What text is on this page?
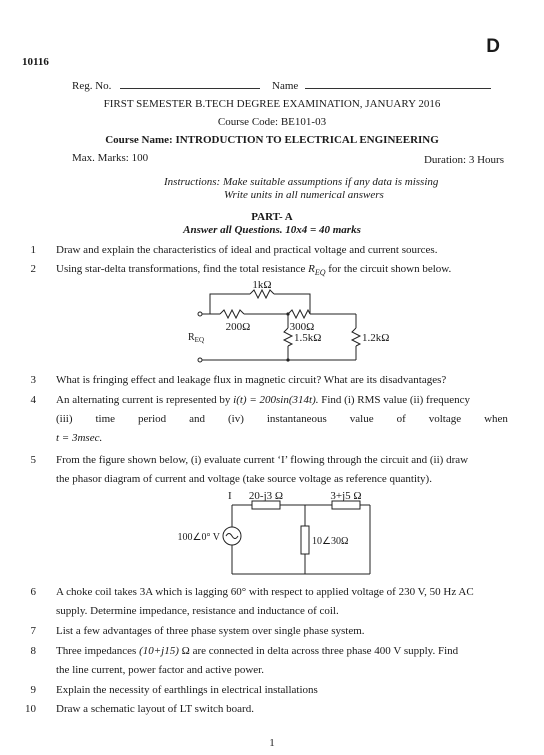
10116
D
Reg. No.	Name
FIRST SEMESTER B.TECH DEGREE EXAMINATION, JANUARY 2016
Course Code: BE101-03
Course Name: INTRODUCTION TO ELECTRICAL ENGINEERING
Max. Marks: 100	Duration: 3 Hours
Instructions: Make suitable assumptions if any data is missing
Write units in all numerical answers
PART- A
Answer all Questions. 10x4 = 40 marks
1 Draw and explain the characteristics of ideal and practical voltage and current sources.
2 Using star-delta transformations, find the total resistance $R_{EQ}$ for the circuit shown below.
1kΩ
200Ω	300Ω
1.5kΩ	1.2kΩ
$R_{EQ}$
3 What is fringing effect and leakage flux in magnetic circuit? What are its disadvantages?
4 An alternating current is represented by i(t) = 200sin(314t). Find (i) RMS value (ii) frequency
(iii) time period and (iv) instantaneous value of voltage when
t = 3msec.
5 From the figure shown below, (i) evaluate current ‘I’ flowing through the circuit and (ii) draw
the phasor diagram of current and voltage (take source voltage as reference quantity).
I 20-j3 Ω	3+j5 Ω
100∠0° V	10∠30Ω
6 A choke coil takes 3A which is lagging 60° with respect to applied voltage of 230 V, 50 Hz AC
supply. Determine impedance, resistance and inductance of coil.
7 List a few advantages of three phase system over single phase system.
8 Three impedances (10+j15) Ω are connected in delta across three phase 400 V supply. Find
the line current, power factor and active power.
9 Explain the necessity of earthlings in electrical installations
10 Draw a schematic layout of LT switch board.
1
